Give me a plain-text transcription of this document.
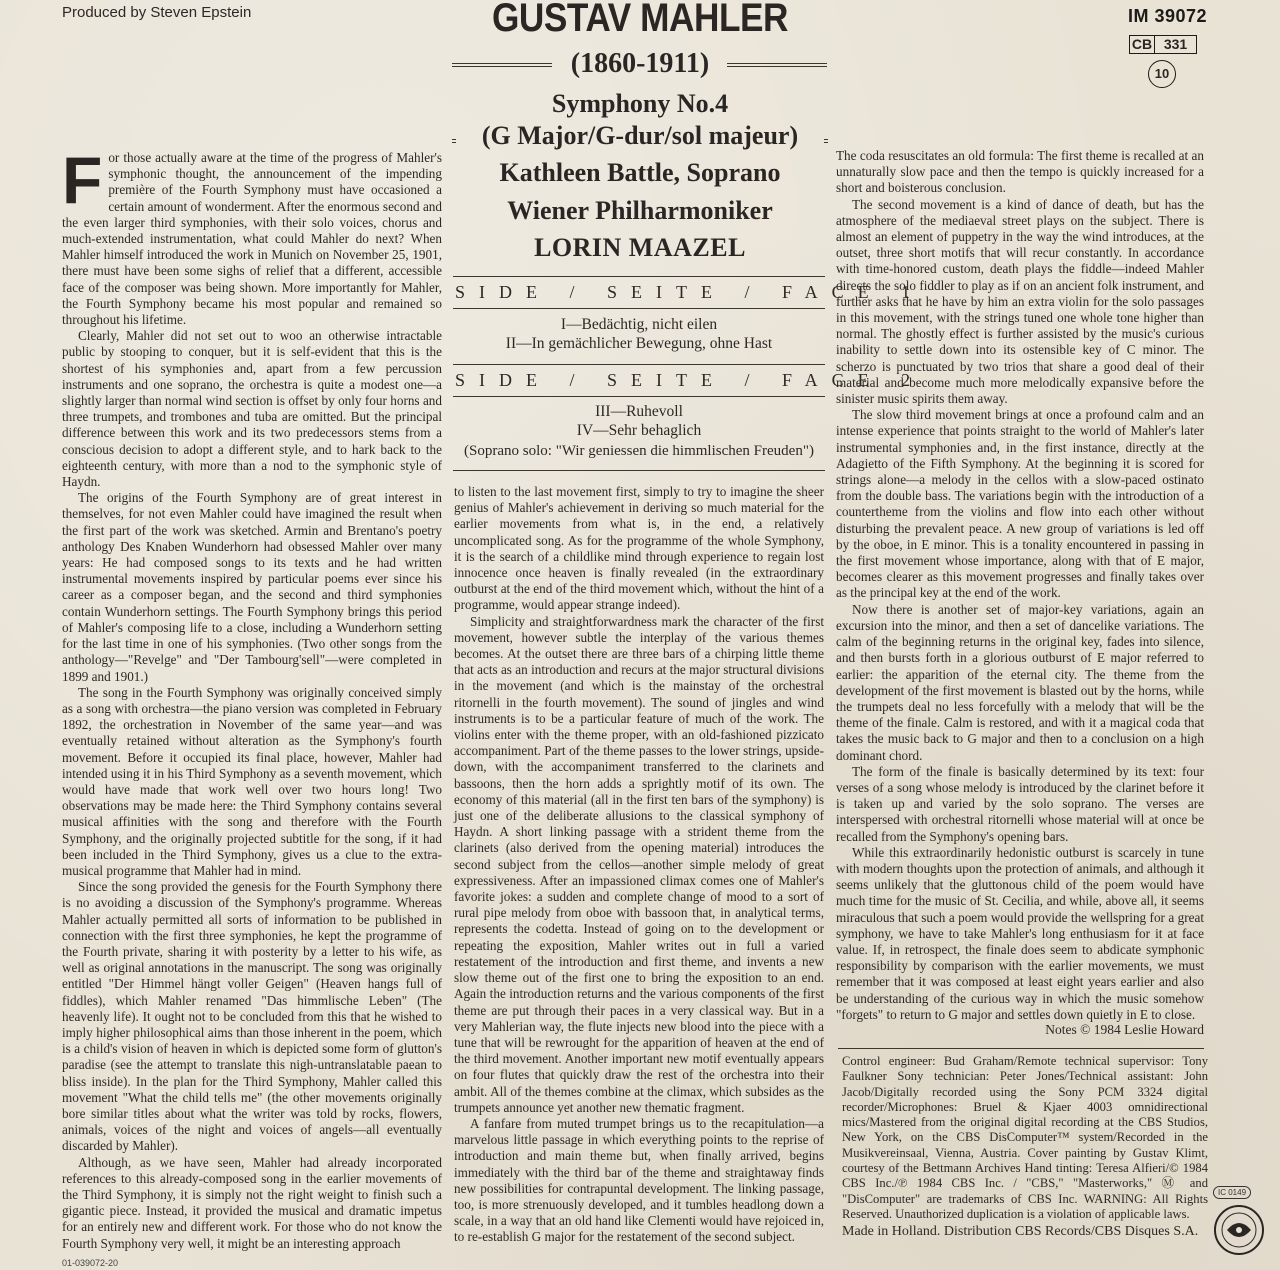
Produced by Steven Epstein	IM 39072
CB 331
10
GUSTAV MAHLER
(1860-1911)
Symphony No.4
(G Major/G-dur/sol majeur)
Kathleen Battle, Soprano
Wiener Philharmoniker
LORIN MAAZEL
SIDE / SEITE / FACE 1
I—Bedächtig, nicht eilen
II—In gemächlicher Bewegung, ohne Hast
SIDE / SEITE / FACE 2
III—Ruhevoll
IV—Sehr behaglich
(Soprano solo: "Wir geniessen die himmlischen Freuden")
F or those actually aware at the time of the progress of Mahler's symphonic thought, the announcement of the impending première of the Fourth Symphony must have occasioned a certain amount of wonderment. After the enormous second and the even larger third symphonies, with their solo voices, chorus and much-extended instrumentation, what could Mahler do next? When Mahler himself introduced the work in Munich on November 25, 1901, there must have been some sighs of relief that a different, accessible face of the composer was being shown. More importantly for Mahler, the Fourth Symphony became his most popular and remained so throughout his lifetime.

Clearly, Mahler did not set out to woo an otherwise intractable public by stooping to conquer, but it is self-evident that this is the shortest of his symphonies and, apart from a few percussion instruments and one soprano, the orchestra is quite a modest one—a slightly larger than normal wind section is offset by only four horns and three trumpets, and trombones and tuba are omitted. But the principal difference between this work and its two predecessors stems from a conscious decision to adopt a different style, and to hark back to the eighteenth century, with more than a nod to the symphonic style of Haydn.

The origins of the Fourth Symphony are of great interest in themselves, for not even Mahler could have imagined the result when the first part of the work was sketched. Armin and Brentano's poetry anthology Des Knaben Wunderhorn had obsessed Mahler over many years: He had composed songs to its texts and he had written instrumental movements inspired by particular poems ever since his career as a composer began, and the second and third symphonies contain Wunderhorn settings. The Fourth Symphony brings this period of Mahler's composing life to a close, including a Wunderhorn setting for the last time in one of his symphonies. (Two other songs from the anthology—"Revelge" and "Der Tambourg'sell"—were completed in 1899 and 1901.)

The song in the Fourth Symphony was originally conceived simply as a song with orchestra—the piano version was completed in February 1892, the orchestration in November of the same year—and was eventually retained without alteration as the Symphony's fourth movement. Before it occupied its final place, however, Mahler had intended using it in his Third Symphony as a seventh movement, which would have made that work well over two hours long! Two observations may be made here: the Third Symphony contains several musical affinities with the song and therefore with the Fourth Symphony, and the originally projected subtitle for the song, if it had been included in the Third Symphony, gives us a clue to the extra-musical programme that Mahler had in mind.

Since the song provided the genesis for the Fourth Symphony there is no avoiding a discussion of the Symphony's programme. Whereas Mahler actually permitted all sorts of information to be published in connection with the first three symphonies, he kept the programme of the Fourth private, sharing it with posterity by a letter to his wife, as well as original annotations in the manuscript. The song was originally entitled "Der Himmel hängt voller Geigen" (Heaven hangs full of fiddles), which Mahler renamed "Das himmlische Leben" (The heavenly life). It ought not to be concluded from this that he wished to imply higher philosophical aims than those inherent in the poem, which is a child's vision of heaven in which is depicted some form of glutton's paradise (see the attempt to translate this nigh-untranslatable paean to bliss inside). In the plan for the Third Symphony, Mahler called this movement "What the child tells me" (the other movements originally bore similar titles about what the writer was told by rocks, flowers, animals, voices of the night and voices of angels—all eventually discarded by Mahler).

Although, as we have seen, Mahler had already incorporated references to this already-composed song in the earlier movements of the Third Symphony, it is simply not the right weight to finish such a gigantic piece. Instead, it provided the musical and dramatic impetus for an entirely new and different work. For those who do not know the Fourth Symphony very well, it might be an interesting approach

to listen to the last movement first, simply to try to imagine the sheer genius of Mahler's achievement in deriving so much material for the earlier movements from what is, in the end, a relatively uncomplicated song. As for the programme of the whole Symphony, it is the search of a childlike mind through experience to regain lost innocence once heaven is finally revealed (in the extraordinary outburst at the end of the third movement which, without the hint of a programme, would appear strange indeed).

Simplicity and straightforwardness mark the character of the first movement, however subtle the interplay of the various themes becomes. At the outset there are three bars of a chirping little theme that acts as an introduction and recurs at the major structural divisions in the movement (and which is the mainstay of the orchestral ritornelli in the fourth movement). The sound of jingles and wind instruments is to be a particular feature of much of the work. The violins enter with the theme proper, with an old-fashioned pizzicato accompaniment. Part of the theme passes to the lower strings, upside-down, with the accompaniment transferred to the clarinets and bassoons, then the horn adds a sprightly motif of its own. The economy of this material (all in the first ten bars of the symphony) is just one of the deliberate allusions to the classical symphony of Haydn. A short linking passage with a strident theme from the clarinets (also derived from the opening material) introduces the second subject from the cellos—another simple melody of great expressiveness. After an impassioned climax comes one of Mahler's favorite jokes: a sudden and complete change of mood to a sort of rural pipe melody from oboe with bassoon that, in analytical terms, represents the codetta. Instead of going on to the development or repeating the exposition, Mahler writes out in full a varied restatement of the introduction and first theme, and invents a new slow theme out of the first one to bring the exposition to an end. Again the introduction returns and the various components of the first theme are put through their paces in a very classical way. But in a very Mahlerian way, the flute injects new blood into the piece with a tune that will be rewrought for the apparition of heaven at the end of the third movement. Another important new motif eventually appears on four flutes that quickly draw the rest of the orchestra into their ambit. All of the themes combine at the climax, which subsides as the trumpets announce yet another new thematic fragment.

A fanfare from muted trumpet brings us to the recapitulation—a marvelous little passage in which everything points to the reprise of introduction and main theme but, when finally arrived, begins immediately with the third bar of the theme and straightaway finds new possibilities for contrapuntal development. The linking passage, too, is more strenuously developed, and it tumbles headlong down a scale, in a way that an old hand like Clementi would have rejoiced in, to re-establish G major for the restatement of the second subject.

The coda resuscitates an old formula: The first theme is recalled at an unnaturally slow pace and then the tempo is quickly increased for a short and boisterous conclusion.

The second movement is a kind of dance of death, but has the atmosphere of the mediaeval street plays on the subject. There is almost an element of puppetry in the way the wind introduces, at the outset, three short motifs that will recur constantly. In accordance with time-honored custom, death plays the fiddle—indeed Mahler directs the solo fiddler to play as if on an ancient folk instrument, and further asks that he have by him an extra violin for the solo passages in this movement, with the strings tuned one whole tone higher than normal. The ghostly effect is further assisted by the music's curious inability to settle down into its ostensible key of C minor. The scherzo is punctuated by two trios that share a good deal of their material and become much more melodically expansive before the sinister music spirits them away.

The slow third movement brings at once a profound calm and an intense experience that points straight to the world of Mahler's later instrumental symphonies and, in the first instance, directly at the Adagietto of the Fifth Symphony. At the beginning it is scored for strings alone—a melody in the cellos with a slow-paced ostinato from the double bass. The variations begin with the introduction of a countertheme from the violins and flow into each other without disturbing the prevalent peace. A new group of variations is led off by the oboe, in E minor. This is a tonality encountered in passing in the first movement whose importance, along with that of E major, becomes clearer as this movement progresses and finally takes over as the principal key at the end of the work.

Now there is another set of major-key variations, again an excursion into the minor, and then a set of dancelike variations. The calm of the beginning returns in the original key, fades into silence, and then bursts forth in a glorious outburst of E major referred to earlier: the apparition of the eternal city. The theme from the development of the first movement is blasted out by the horns, while the trumpets deal no less forcefully with a melody that will be the theme of the finale. Calm is restored, and with it a magical coda that takes the music back to G major and then to a conclusion on a high dominant chord.

The form of the finale is basically determined by its text: four verses of a song whose melody is introduced by the clarinet before it is taken up and varied by the solo soprano. The verses are interspersed with orchestral ritornelli whose material will at once be recalled from the Symphony's opening bars.

While this extraordinarily hedonistic outburst is scarcely in tune with modern thoughts upon the protection of animals, and although it seems unlikely that the gluttonous child of the poem would have much time for the music of St. Cecilia, and while, above all, it seems miraculous that such a poem would provide the wellspring for a great symphony, we have to take Mahler's long enthusiasm for it at face value. If, in retrospect, the finale does seem to abdicate symphonic responsibility by comparison with the earlier movements, we must remember that it was composed at least eight years earlier and also be understanding of the curious way in which the music somehow "forgets" to return to G major and settles down quietly in E to close.

Notes © 1984 Leslie Howard
Control engineer: Bud Graham/Remote technical supervisor: Tony Faulkner Sony technician: Peter Jones/Technical assistant: John Jacob/Digitally recorded using the Sony PCM 3324 digital recorder/Microphones: Bruel & Kjaer 4003 omnidirectional mics/Mastered from the original digital recording at the CBS Studios, New York, on the CBS DisComputer™ system/Recorded in the Musikvereinsaal, Vienna, Austria. Cover painting by Gustav Klimt, courtesy of the Bettmann Archives Hand tinting: Teresa Alfieri/© 1984 CBS Inc./℗ 1984 CBS Inc. / "CBS," "Masterworks," Ⓜ and "DisComputer" are trademarks of CBS Inc. WARNING: All Rights Reserved. Unauthorized duplication is a violation of applicable laws.
Made in Holland. Distribution CBS Records/CBS Disques S.A.
IC 0149
01-039072-20
